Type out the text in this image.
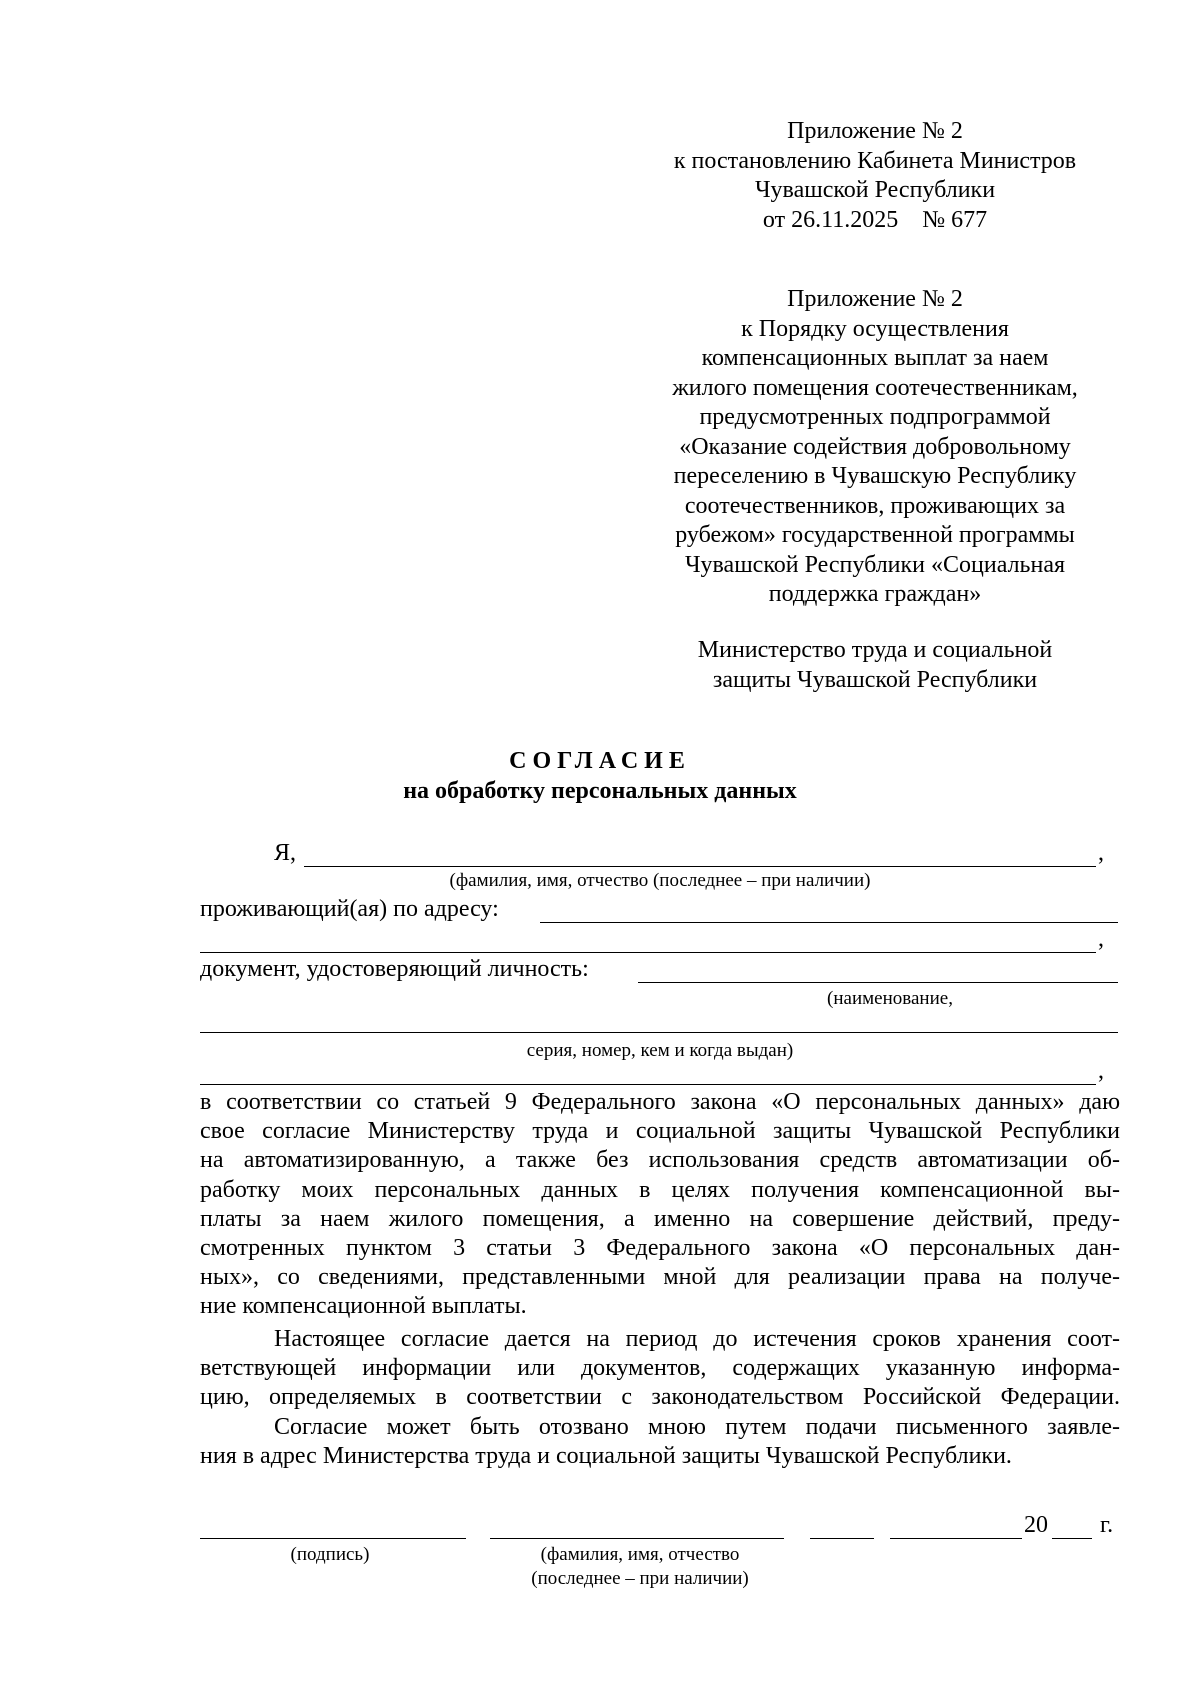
Приложение № 2
к постановлению Кабинета Министров
Чувашской Республики
от 26.11.2025    № 677
Приложение № 2
к Порядку осуществления
компенсационных выплат за наем
жилого помещения соотечественникам,
предусмотренных подпрограммой
«Оказание содействия добровольному
переселению в Чувашскую Республику
соотечественников, проживающих за
рубежом» государственной программы
Чувашской Республики «Социальная
поддержка граждан»
Министерство труда и социальной
защиты Чувашской Республики
СОГЛАСИЕ
на обработку персональных данных
Я,	,
(фамилия, имя, отчество (последнее – при наличии)
проживающий(ая) по адресу:
,
документ, удостоверяющий личность:
(наименование,
серия, номер, кем и когда выдан)
,
в соответствии со статьей 9 Федерального закона «О персональных данных» даю
свое согласие Министерству труда и социальной защиты Чувашской Республики
на автоматизированную, а также без использования средств автоматизации об-
работку моих персональных данных в целях получения компенсационной вы-
платы за наем жилого помещения, а именно на совершение действий, преду-
смотренных пунктом 3 статьи 3 Федерального закона «О персональных дан-
ных», со сведениями, представленными мной для реализации права на получе-
ние компенсационной выплаты.
Настоящее согласие дается на период до истечения сроков хранения соот-
ветствующей информации или документов, содержащих указанную информа-
цию, определяемых в соответствии с законодательством Российской Федерации.
Согласие может быть отозвано мною путем подачи письменного заявле-
ния в адрес Министерства труда и социальной защиты Чувашской Республики.
20 г.
(подпись)	(фамилия, имя, отчество
(последнее – при наличии)
